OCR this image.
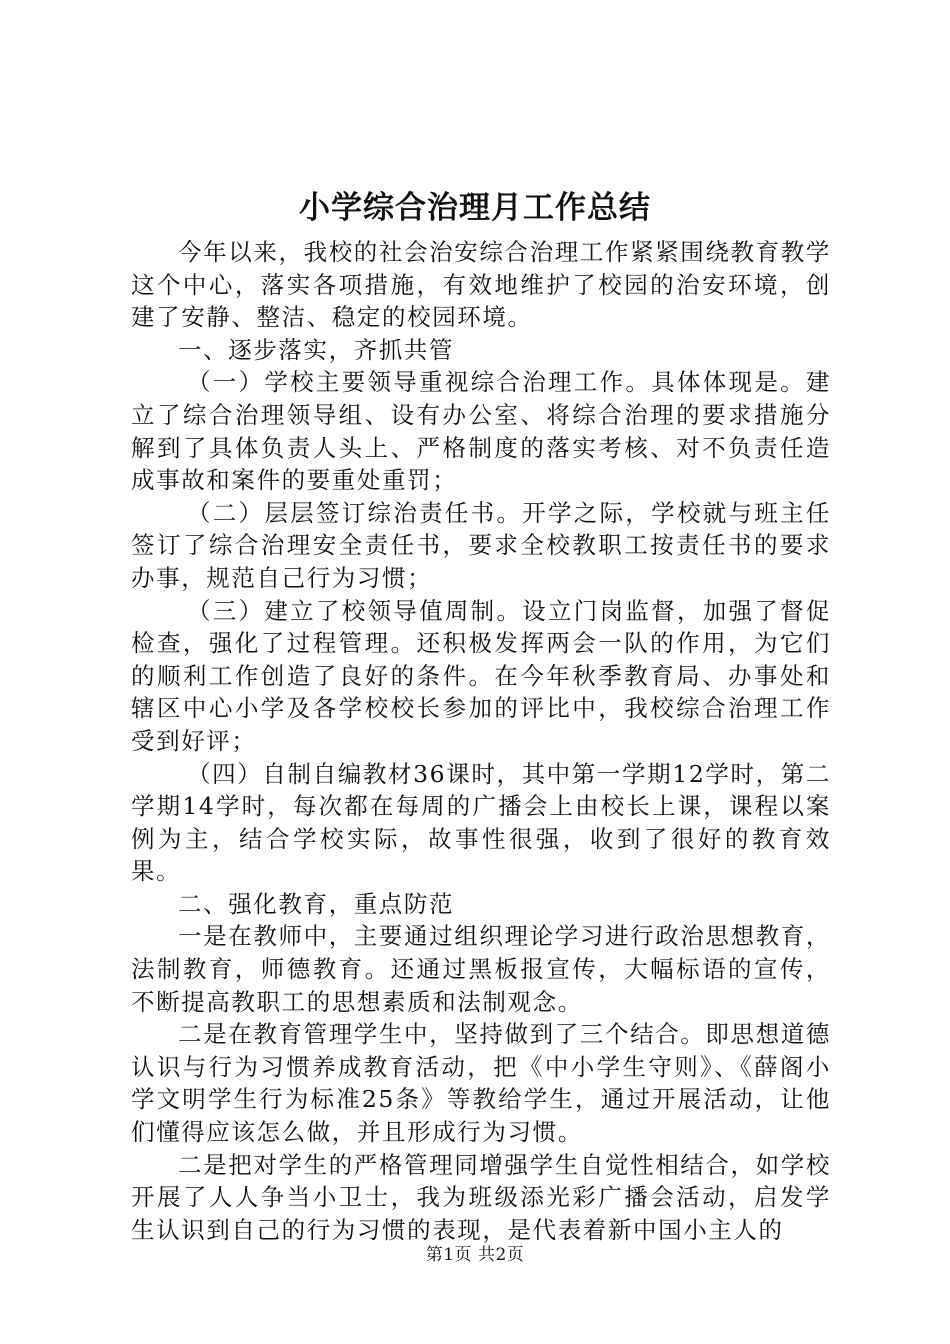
小学综合治理月工作总结

今年以来，我校的社会治安综合治理工作紧紧围绕教育教学这个中心，落实各项措施，有效地维护了校园的治安环境，创建了安静、整洁、稳定的校园环境。

一、逐步落实，齐抓共管

（一）学校主要领导重视综合治理工作。具体体现是。建立了综合治理领导组、设有办公室、将综合治理的要求措施分解到了具体负责人头上、严格制度的落实考核、对不负责任造成事故和案件的要重处重罚；

（二）层层签订综治责任书。开学之际，学校就与班主任签订了综合治理安全责任书，要求全校教职工按责任书的要求办事，规范自己行为习惯；

（三）建立了校领导值周制。设立门岗监督，加强了督促检查，强化了过程管理。还积极发挥两会一队的作用，为它们的顺利工作创造了良好的条件。在今年秋季教育局、办事处和辖区中心小学及各学校校长参加的评比中，我校综合治理工作受到好评；

（四）自制自编教材36课时，其中第一学期12学时，第二学期14学时，每次都在每周的广播会上由校长上课，课程以案例为主，结合学校实际，故事性很强，收到了很好的教育效果。

二、强化教育，重点防范

一是在教师中，主要通过组织理论学习进行政治思想教育，法制教育，师德教育。还通过黑板报宣传，大幅标语的宣传，不断提高教职工的思想素质和法制观念。

二是在教育管理学生中，坚持做到了三个结合。即思想道德认识与行为习惯养成教育活动，把《中小学生守则》、《薛阁小学文明学生行为标准25条》等教给学生，通过开展活动，让他们懂得应该怎么做，并且形成行为习惯。

二是把对学生的严格管理同增强学生自觉性相结合，如学校开展了人人争当小卫士，我为班级添光彩广播会活动，启发学生认识到自己的行为习惯的表现，是代表着新中国小主人的

第1页 共2页
